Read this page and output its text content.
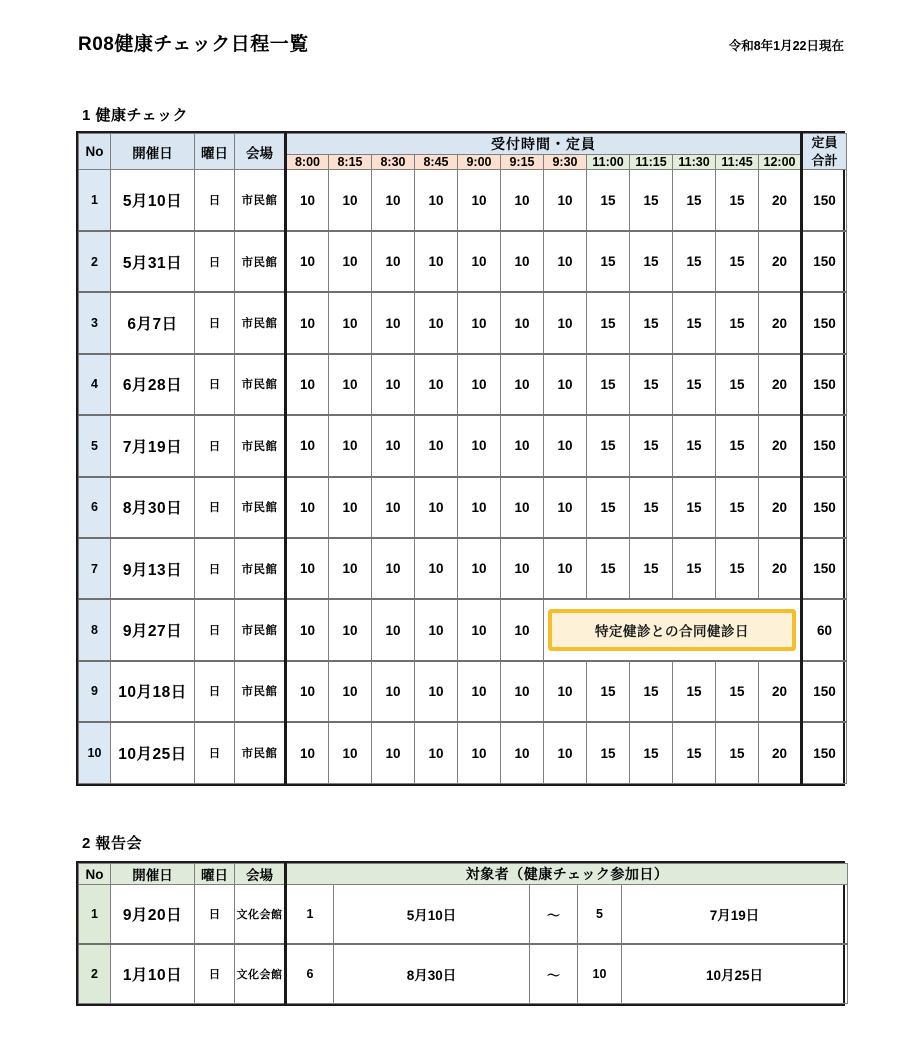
R08健康チェック日程一覧	令和8年1月22日現在
1 健康チェック
No	開催日	曜日	会場	受付時間・定員												定員
合計

				8:00	8:15	8:30	8:45	9:00	9:15	9:30	11:00	11:15	11:30	11:45	12:00	
1	5月10日	日	市民館	10	10	10	10	10	10	10	15	15	15	15	20	150
2	5月31日	日	市民館	10	10	10	10	10	10	10	15	15	15	15	20	150
3	6月7日	日	市民館	10	10	10	10	10	10	10	15	15	15	15	20	150
4	6月28日	日	市民館	10	10	10	10	10	10	10	15	15	15	15	20	150
5	7月19日	日	市民館	10	10	10	10	10	10	10	15	15	15	15	20	150
6	8月30日	日	市民館	10	10	10	10	10	10	10	15	15	15	15	20	150
7	9月13日	日	市民館	10	10	10	10	10	10	10	15	15	15	15	20	150
8	9月27日	日	市民館	10	10	10	10	10	10	特定健診との合同健診日						60
9	10月18日	日	市民館	10	10	10	10	10	10	10	15	15	15	15	20	150
10	10月25日	日	市民館	10	10	10	10	10	10	10	15	15	15	15	20	150
2 報告会
No	開催日	曜日	会場	対象者（健康チェック参加日）				
1	9月20日	日	文化会館	1	5月10日	～	5	7月19日
2	1月10日	日	文化会館	6	8月30日	～	10	10月25日
